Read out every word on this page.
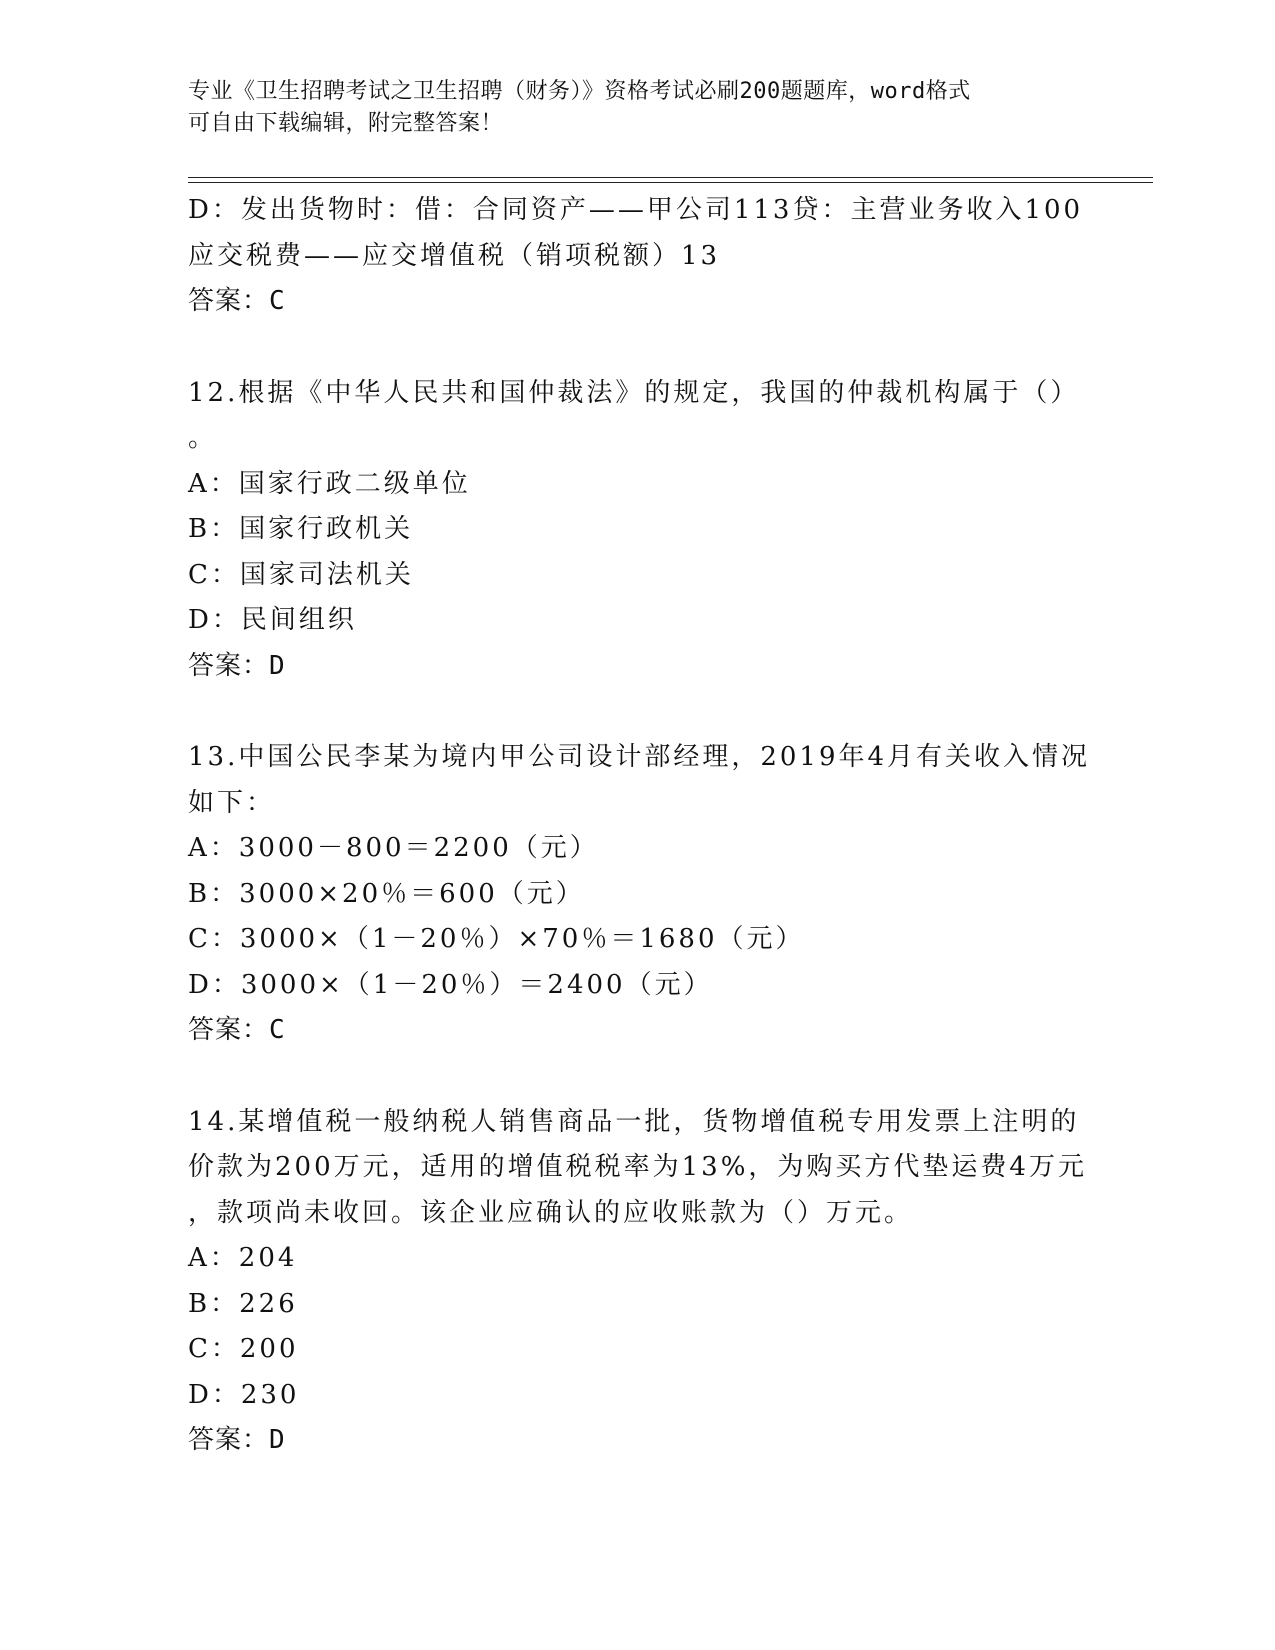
专业《卫生招聘考试之卫生招聘（财务）》资格考试必刷200题题库，word格式
可自由下载编辑，附完整答案！
D：发出货物时：借：合同资产——甲公司113贷：主营业务收入100
应交税费——应交增值税（销项税额）13
答案：C
12.根据《中华人民共和国仲裁法》的规定，我国的仲裁机构属于（）
。
A：国家行政二级单位
B：国家行政机关
C：国家司法机关
D：民间组织
答案：D
13.中国公民李某为境内甲公司设计部经理，2019年4月有关收入情况
如下：
A：3000－800＝2200（元）
B：3000×20％＝600（元）
C：3000×（1－20％）×70％＝1680（元）
D：3000×（1－20％）＝2400（元）
答案：C
14.某增值税一般纳税人销售商品一批，货物增值税专用发票上注明的
价款为200万元，适用的增值税税率为13%，为购买方代垫运费4万元
，款项尚未收回。该企业应确认的应收账款为（）万元。
A：204
B：226
C：200
D：230
答案：D
